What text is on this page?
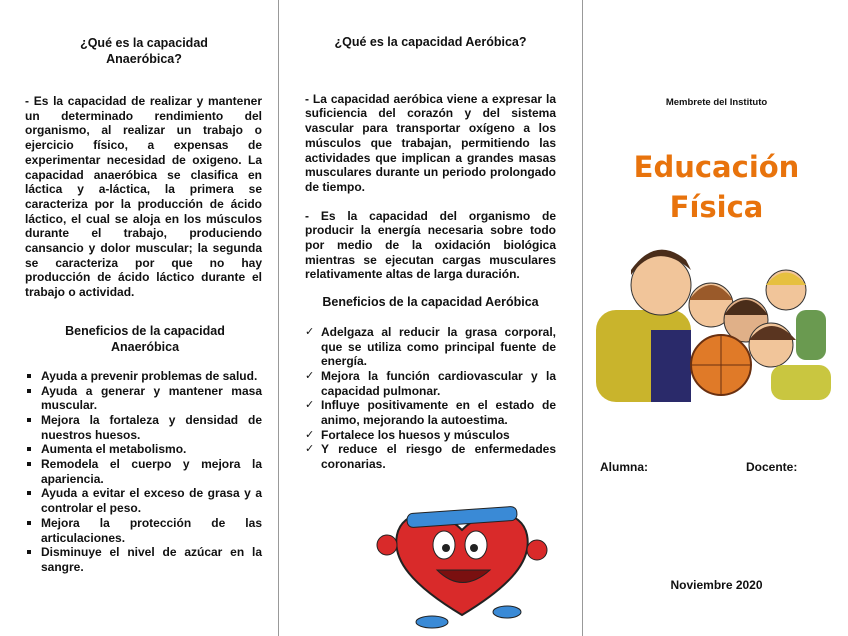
¿Qué es la capacidad Anaeróbica?

- Es la capacidad de realizar y mantener un determinado rendimiento del organismo, al realizar un trabajo o ejercicio físico, a expensas de experimentar necesidad de oxigeno. La capacidad anaeróbica se clasifica en láctica y a-láctica, la primera se caracteriza por la producción de ácido láctico, el cual se aloja en los músculos durante el trabajo, produciendo cansancio y dolor muscular; la segunda se caracteriza por que no hay producción de ácido láctico durante el trabajo o actividad.

Beneficios de la capacidad Anaeróbica

Ayuda a prevenir problemas de salud.
Ayuda a generar y mantener masa muscular.
Mejora la fortaleza y densidad de nuestros huesos.
Aumenta el metabolismo.
Remodela el cuerpo y mejora la apariencia.
Ayuda a evitar el exceso de grasa y a controlar el peso.
Mejora la protección de las articulaciones.
Disminuye el nivel de azúcar en la sangre.

¿Qué es la capacidad Aeróbica?

- La capacidad aeróbica viene a expresar la suficiencia del corazón y del sistema vascular para transportar oxígeno a los músculos que trabajan, permitiendo las actividades que implican a grandes masas musculares durante un periodo prolongado de tiempo.

- Es la capacidad del organismo de producir la energía necesaria sobre todo por medio de la oxidación biológica mientras se ejecutan cargas musculares relativamente altas de larga duración.

Beneficios de la capacidad Aeróbica

✓ Adelgaza al reducir la grasa corporal, que se utiliza como principal fuente de energía.
✓ Mejora la función cardiovascular y la capacidad pulmonar.
✓ Influye positivamente en el estado de animo, mejorando la autoestima.
✓ Fortalece los huesos y músculos
✓ Y reduce el riesgo de enfermedades coronarias.
Membrete del Instituto
Educación
Física
Alumna:	Docente:
Noviembre 2020
